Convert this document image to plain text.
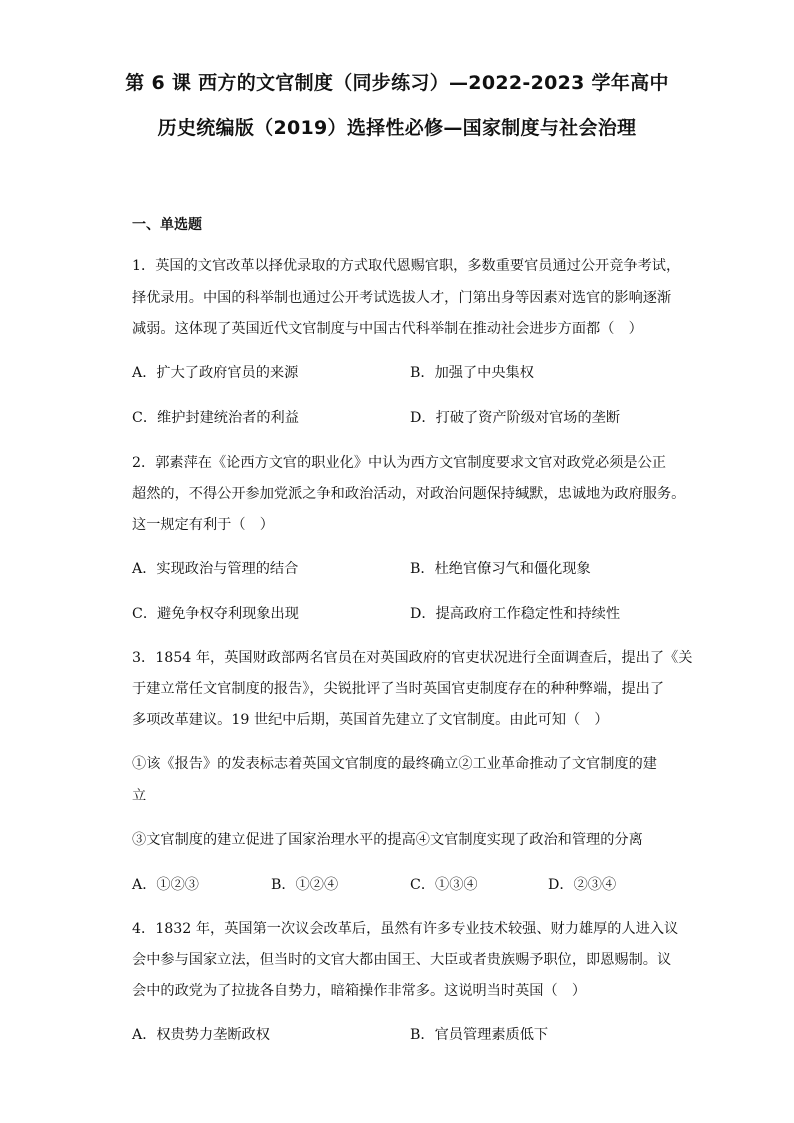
第 6 课 西方的文官制度（同步练习）—2022-2023 学年高中
历史统编版（2019）选择性必修—国家制度与社会治理
一、单选题
1．英国的文官改革以择优录取的方式取代恩赐官职，多数重要官员通过公开竞争考试，
择优录用。中国的科举制也通过公开考试选拔人才，门第出身等因素对选官的影响逐渐
减弱。这体现了英国近代文官制度与中国古代科举制在推动社会进步方面都（　）
A．扩大了政府官员的来源	B．加强了中央集权
C．维护封建统治者的利益	D．打破了资产阶级对官场的垄断
2．郭素萍在《论西方文官的职业化》中认为西方文官制度要求文官对政党必须是公正
超然的，不得公开参加党派之争和政治活动，对政治问题保持缄默，忠诚地为政府服务。
这一规定有利于（　）
A．实现政治与管理的结合	B．杜绝官僚习气和僵化现象
C．避免争权夺利现象出现	D．提高政府工作稳定性和持续性
3．1854 年，英国财政部两名官员在对英国政府的官吏状况进行全面调查后，提出了《关
于建立常任文官制度的报告》，尖锐批评了当时英国官吏制度存在的种种弊端，提出了
多项改革建议。19 世纪中后期，英国首先建立了文官制度。由此可知（　）
①该《报告》的发表标志着英国文官制度的最终确立②工业革命推动了文官制度的建
立
③文官制度的建立促进了国家治理水平的提高④文官制度实现了政治和管理的分离
A．①②③	B．①②④	C．①③④	D．②③④
4．1832 年，英国第一次议会改革后，虽然有许多专业技术较强、财力雄厚的人进入议
会中参与国家立法，但当时的文官大都由国王、大臣或者贵族赐予职位，即恩赐制。议
会中的政党为了拉拢各自势力，暗箱操作非常多。这说明当时英国（　）
A．权贵势力垄断政权	B．官员管理素质低下
